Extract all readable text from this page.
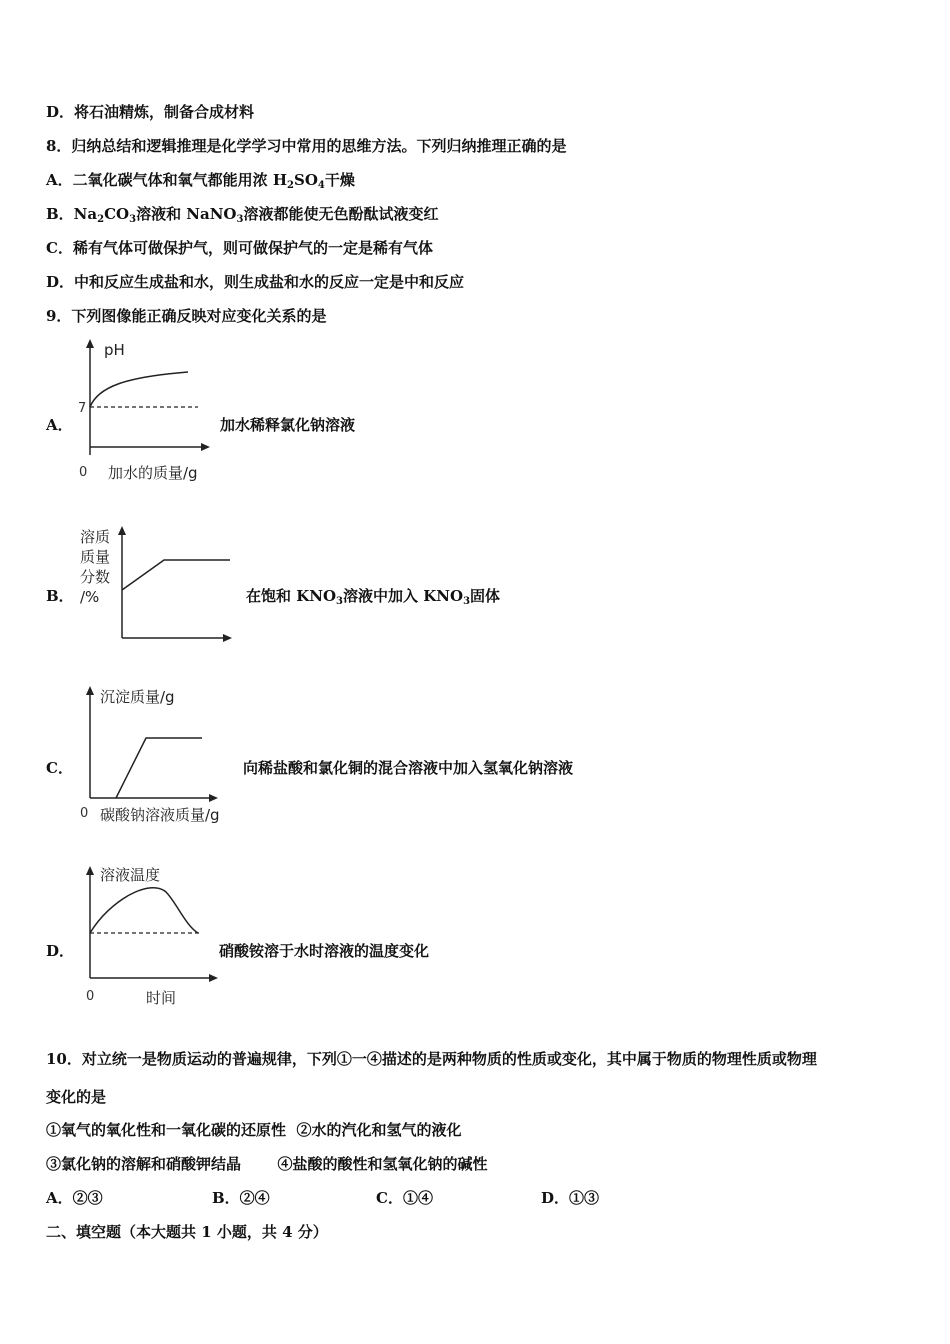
D．将石油精炼，制备合成材料
8．归纳总结和逻辑推理是化学学习中常用的思维方法。下列归纳推理正确的是
A．二氧化碳气体和氧气都能用浓 $H_2SO_4$干燥
B．$Na_2CO_3$溶液和 NaNO$_3$溶液都能使无色酚酞试液变红
C．稀有气体可做保护气，则可做保护气的一定是稀有气体
D．中和反应生成盐和水，则生成盐和水的反应一定是中和反应
9．下列图像能正确反映对应变化关系的是
A．
pH
7
0 加水的质量/g
加水稀释氯化钠溶液
B．
溶质
质量
分数
/%	在饱和 $KNO_3$溶液中加入 $KNO_3$固体
C．
沉淀质量/g
0 碳酸钠溶液质量/g
向稀盐酸和氯化铜的混合溶液中加入氢氧化钠溶液
D．
溶液温度
0	时间
硝酸铵溶于水时溶液的温度变化
10．对立统一是物质运动的普遍规律，下列①一④描述的是两种物质的性质或变化，其中属于物质的物理性质或物理
变化的是
①氧气的氧化性和一氧化碳的还原性  ②水的汽化和氢气的液化
③氯化钠的溶解和硝酸钾结晶       ④盐酸的酸性和氢氧化钠的碱性
A．②③	B．②④	C．①④	D．①③
二、填空题（本大题共 1 小题，共 4 分）
